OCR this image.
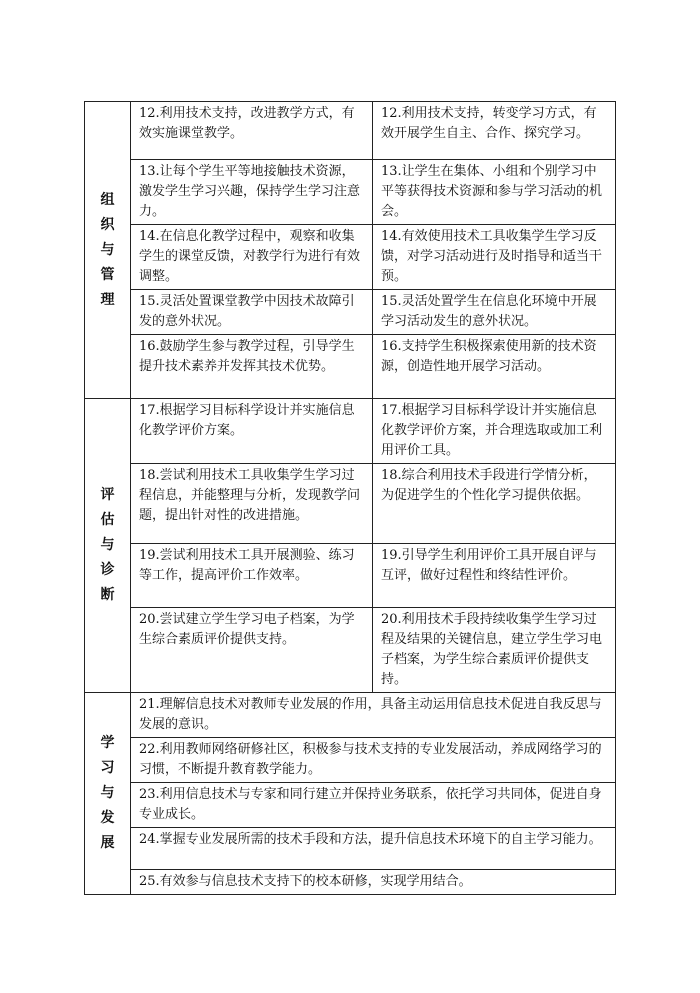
组织与管理	12.利用技术支持，改进教学方式，有效实施课堂教学。	12.利用技术支持，转变学习方式，有效开展学生自主、合作、探究学习。
	13.让每个学生平等地接触技术资源，激发学生学习兴趣，保持学生学习注意力。	13.让学生在集体、小组和个别学习中平等获得技术资源和参与学习活动的机会。
	14.在信息化教学过程中，观察和收集学生的课堂反馈，对教学行为进行有效调整。	14.有效使用技术工具收集学生学习反馈，对学习活动进行及时指导和适当干预。
	15.灵活处置课堂教学中因技术故障引发的意外状况。	15.灵活处置学生在信息化环境中开展学习活动发生的意外状况。
	16.鼓励学生参与教学过程，引导学生提升技术素养并发挥其技术优势。	16.支持学生积极探索使用新的技术资源，创造性地开展学习活动。
评估与诊断	17.根据学习目标科学设计并实施信息化教学评价方案。	17.根据学习目标科学设计并实施信息化教学评价方案，并合理选取或加工利用评价工具。
	18.尝试利用技术工具收集学生学习过程信息，并能整理与分析，发现教学问题，提出针对性的改进措施。	18.综合利用技术手段进行学情分析，为促进学生的个性化学习提供依据。
	19.尝试利用技术工具开展测验、练习等工作，提高评价工作效率。	19.引导学生利用评价工具开展自评与互评，做好过程性和终结性评价。
	20.尝试建立学生学习电子档案，为学生综合素质评价提供支持。	20.利用技术手段持续收集学生学习过程及结果的关键信息，建立学生学习电子档案，为学生综合素质评价提供支持。
学习与发展	21.理解信息技术对教师专业发展的作用，具备主动运用信息技术促进自我反思与发展的意识。	
	22.利用教师网络研修社区，积极参与技术支持的专业发展活动，养成网络学习的习惯，不断提升教育教学能力。	
	23.利用信息技术与专家和同行建立并保持业务联系，依托学习共同体，促进自身专业成长。	
	24.掌握专业发展所需的技术手段和方法，提升信息技术环境下的自主学习能力。	
	25.有效参与信息技术支持下的校本研修，实现学用结合。	
